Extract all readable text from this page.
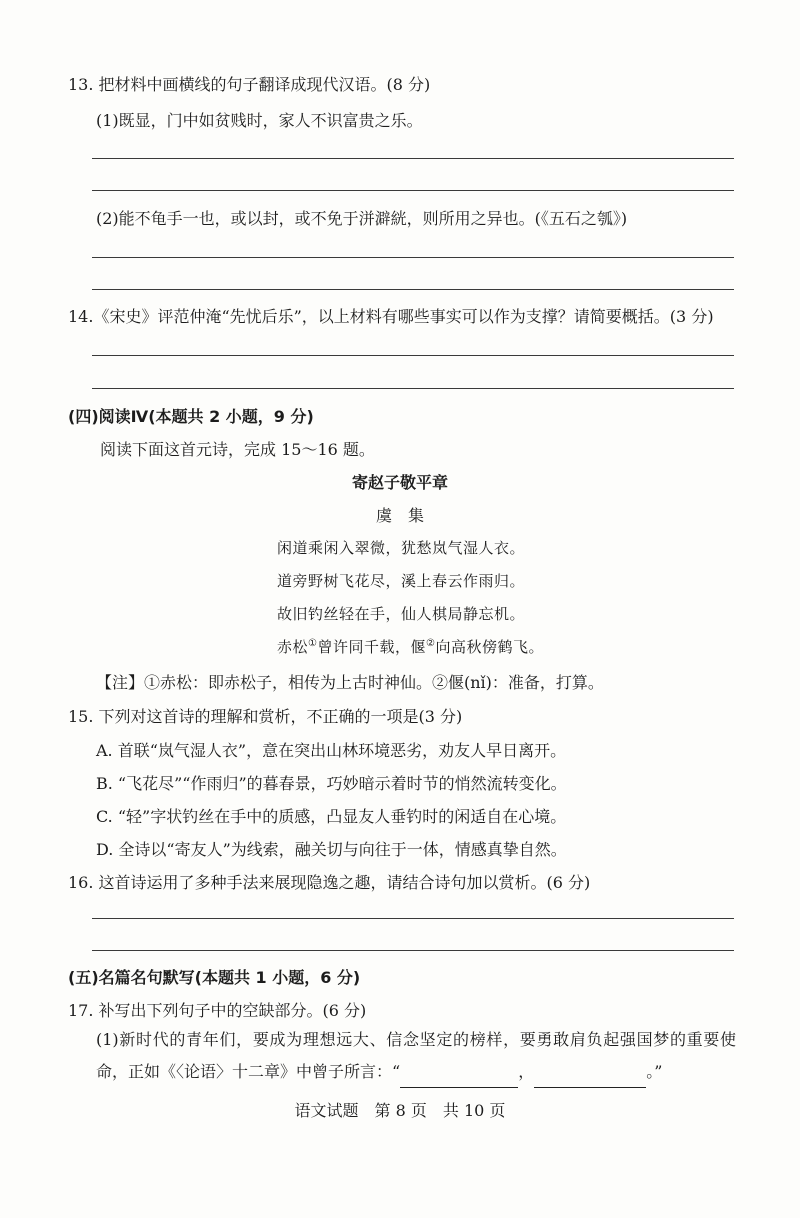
13. 把材料中画横线的句子翻译成现代汉语。(8 分)
(1)既显，门中如贫贱时，家人不识富贵之乐。
(2)能不龟手一也，或以封，或不免于洴澼絖，则所用之异也。(《五石之瓠》)
14.《宋史》评范仲淹“先忧后乐”，以上材料有哪些事实可以作为支撑？请简要概括。(3 分)
(四)阅读Ⅳ(本题共 2 小题，9 分)
阅读下面这首元诗，完成 15～16 题。
寄赵子敬平章
虞　集
闲道乘闲入翠微，犹愁岚气湿人衣。
道旁野树飞花尽，溪上春云作雨归。
故旧钓丝轻在手，仙人棋局静忘机。
赤松①曾许同千载，偃②向高秋傍鹤飞。
【注】①赤松：即赤松子，相传为上古时神仙。②偃(nǐ)：准备，打算。
15. 下列对这首诗的理解和赏析，不正确的一项是(3 分)
A. 首联“岚气湿人衣”，意在突出山林环境恶劣，劝友人早日离开。
B. “飞花尽”“作雨归”的暮春景，巧妙暗示着时节的悄然流转变化。
C. “轻”字状钓丝在手中的质感，凸显友人垂钓时的闲适自在心境。
D. 全诗以“寄友人”为线索，融关切与向往于一体，情感真挚自然。
16. 这首诗运用了多种手法来展现隐逸之趣，请结合诗句加以赏析。(6 分)
(五)名篇名句默写(本题共 1 小题，6 分)
17. 补写出下列句子中的空缺部分。(6 分)
(1)新时代的青年们，要成为理想远大、信念坚定的榜样，要勇敢肩负起强国梦的重要使命，正如《〈论语〉十二章》中曾子所言：“	，	。”
语文试题　第 8 页　共 10 页
